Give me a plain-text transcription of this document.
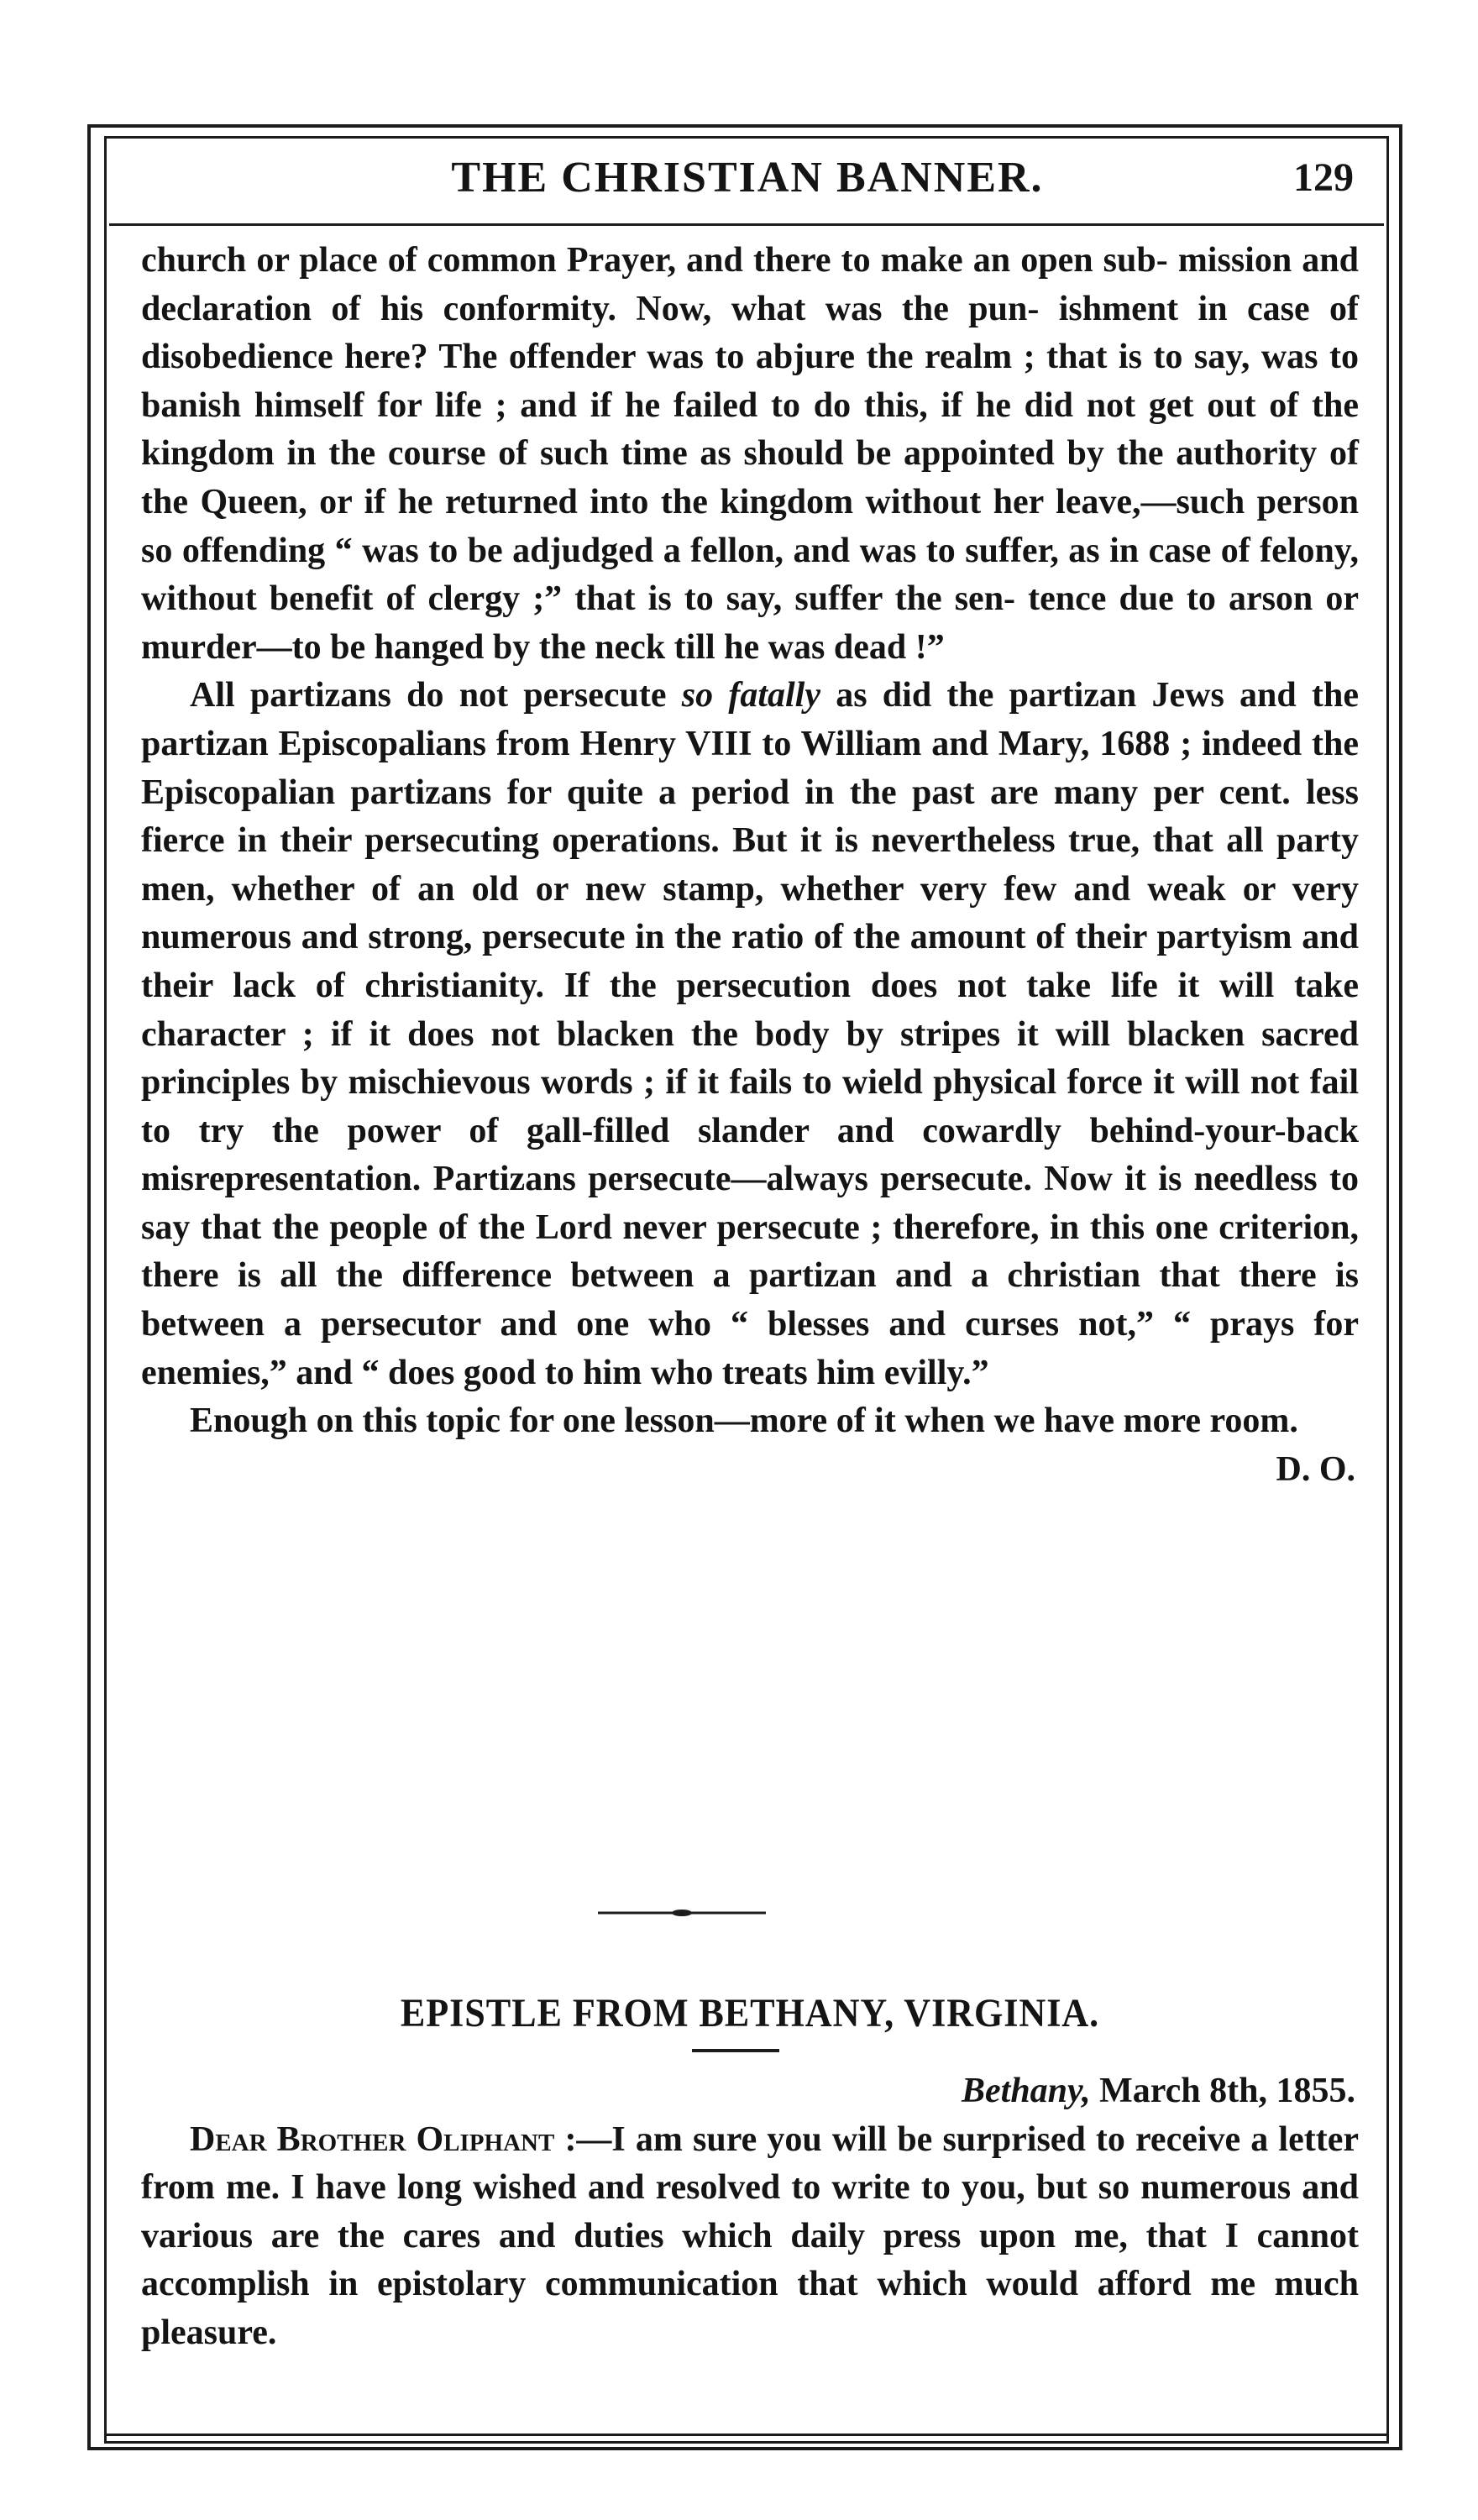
THE CHRISTIAN BANNER.	129

church or place of common Prayer, and there to make an open sub- mission and declaration of his conformity. Now, what was the pun- ishment in case of disobedience here? The offender was to abjure the realm ; that is to say, was to banish himself for life ; and if he failed to do this, if he did not get out of the kingdom in the course of such time as should be appointed by the authority of the Queen, or if he returned into the kingdom without her leave,—such person so offending “ was to be adjudged a fellon, and was to suffer, as in case of felony, without benefit of clergy ;” that is to say, suffer the sen- tence due to arson or murder—to be hanged by the neck till he was dead !”

All partizans do not persecute so fatally as did the partizan Jews and the partizan Episcopalians from Henry VIII to William and Mary, 1688 ; indeed the Episcopalian partizans for quite a period in the past are many per cent. less fierce in their persecuting operations. But it is nevertheless true, that all party men, whether of an old or new stamp, whether very few and weak or very numerous and strong, persecute in the ratio of the amount of their partyism and their lack of christianity. If the persecution does not take life it will take character ; if it does not blacken the body by stripes it will blacken sacred principles by mischievous words ; if it fails to wield physical force it will not fail to try the power of gall-filled slander and cowardly behind-your-back misrepresentation. Partizans persecute—always persecute. Now it is needless to say that the people of the Lord never persecute ; therefore, in this one criterion, there is all the difference between a partizan and a christian that there is between a persecutor and one who “ blesses and curses not,” “ prays for enemies,” and “ does good to him who treats him evilly.”

Enough on this topic for one lesson—more of it when we have more room.

D. O.

EPISTLE FROM BETHANY, VIRGINIA.

Bethany, March 8th, 1855.

Dear Brother Oliphant :—I am sure you will be surprised to receive a letter from me. I have long wished and resolved to write to you, but so numerous and various are the cares and duties which daily press upon me, that I cannot accomplish in epistolary communication that which would afford me much pleasure.
